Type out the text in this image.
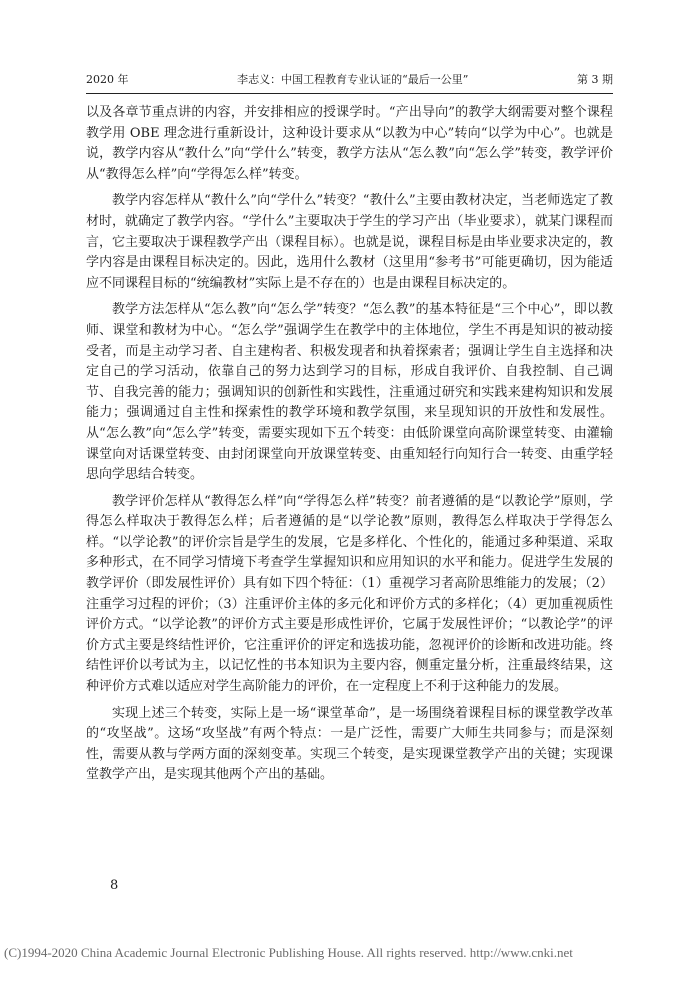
2020 年	李志义：中国工程教育专业认证的“最后一公里”	第 3 期

以及各章节重点讲的内容，并安排相应的授课学时。“产出导向”的教学大纲需要对整个课程教学用 OBE 理念进行重新设计，这种设计要求从“以教为中心”转向“以学为中心”。也就是说，教学内容从“教什么”向“学什么”转变，教学方法从“怎么教”向“怎么学”转变，教学评价从“教得怎么样”向“学得怎么样”转变。

教学内容怎样从“教什么”向“学什么”转变？“教什么”主要由教材决定，当老师选定了教材时，就确定了教学内容。“学什么”主要取决于学生的学习产出（毕业要求），就某门课程而言，它主要取决于课程教学产出（课程目标）。也就是说，课程目标是由毕业要求决定的，教学内容是由课程目标决定的。因此，选用什么教材（这里用“参考书”可能更确切，因为能适应不同课程目标的“统编教材”实际上是不存在的）也是由课程目标决定的。

教学方法怎样从“怎么教”向“怎么学”转变？“怎么教”的基本特征是“三个中心”，即以教师、课堂和教材为中心。“怎么学”强调学生在教学中的主体地位，学生不再是知识的被动接受者，而是主动学习者、自主建构者、积极发现者和执着探索者；强调让学生自主选择和决定自己的学习活动，依靠自己的努力达到学习的目标，形成自我评价、自我控制、自己调节、自我完善的能力；强调知识的创新性和实践性，注重通过研究和实践来建构知识和发展能力；强调通过自主性和探索性的教学环境和教学氛围，来呈现知识的开放性和发展性。从“怎么教”向“怎么学”转变，需要实现如下五个转变：由低阶课堂向高阶课堂转变、由灌输课堂向对话课堂转变、由封闭课堂向开放课堂转变、由重知轻行向知行合一转变、由重学轻思向学思结合转变。

教学评价怎样从“教得怎么样”向“学得怎么样”转变？前者遵循的是“以教论学”原则，学得怎么样取决于教得怎么样；后者遵循的是“以学论教”原则，教得怎么样取决于学得怎么样。“以学论教”的评价宗旨是学生的发展，它是多样化、个性化的，能通过多种渠道、采取多种形式，在不同学习情境下考查学生掌握知识和应用知识的水平和能力。促进学生发展的教学评价（即发展性评价）具有如下四个特征：（1）重视学习者高阶思维能力的发展；（2）注重学习过程的评价；（3）注重评价主体的多元化和评价方式的多样化；（4）更加重视质性评价方式。“以学论教”的评价方式主要是形成性评价，它属于发展性评价；“以教论学”的评价方式主要是终结性评价，它注重评价的评定和选拔功能，忽视评价的诊断和改进功能。终结性评价以考试为主，以记忆性的书本知识为主要内容，侧重定量分析，注重最终结果，这种评价方式难以适应对学生高阶能力的评价，在一定程度上不利于这种能力的发展。

实现上述三个转变，实际上是一场“课堂革命”，是一场围绕着课程目标的课堂教学改革的“攻坚战”。这场“攻坚战”有两个特点：一是广泛性，需要广大师生共同参与；而是深刻性，需要从教与学两方面的深刻变革。实现三个转变，是实现课堂教学产出的关键；实现课堂教学产出，是实现其他两个产出的基础。

8
(C)1994-2020 China Academic Journal Electronic Publishing House. All rights reserved. http://www.cnki.net
